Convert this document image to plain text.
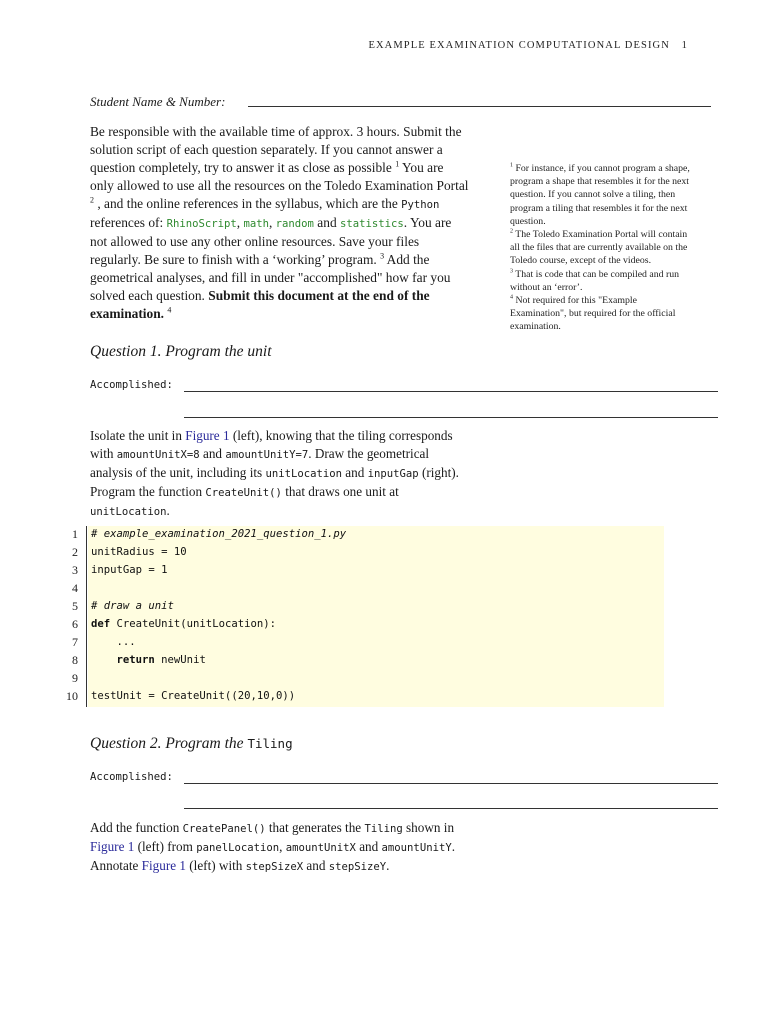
EXAMPLE EXAMINATION COMPUTATIONAL DESIGN 1
Student Name & Number:
Be responsible with the available time of approx. 3 hours. Submit the solution script of each question separately. If you cannot answer a question completely, try to answer it as close as possible $^1$ You are only allowed to use all the resources on the Toledo Examination Portal $^2$ , and the online references in the syllabus, which are the Python references of: RhinoScript, math, random and statistics. You are not allowed to use any other online resources. Save your files regularly. Be sure to finish with a ‘working’ program. $^3$ Add the geometrical analyses, and fill in under "accomplished" how far you solved each question. Submit this document at the end of the examination. $^4$

$^1$ For instance, if you cannot program a shape, program a shape that resembles it for the next question. If you cannot solve a tiling, then program a tiling that resembles it for the next question.

$^2$ The Toledo Examination Portal will contain all the files that are currently available on the Toledo course, except of the videos.

$^3$ That is code that can be compiled and run without an ‘error’.

$^4$ Not required for this "Example Examination", but required for the official examination.

Question 1. Program the unit
Accomplished:
Isolate the unit in Figure 1 (left), knowing that the tiling corresponds with amountUnitX=8 and amountUnitY=7. Draw the geometrical analysis of the unit, including its unitLocation and inputGap (right). Program the function CreateUnit() that draws one unit at unitLocation.
1
2
3
4
5
6
7
8
9
10
# example_examination_2021_question_1.py
unitRadius = 10
inputGap = 1
# draw a unit
def CreateUnit(unitLocation):
...
return newUnit
testUnit = CreateUnit((20,10,0))
Question 2. Program the Tiling
Accomplished:
Add the function CreatePanel() that generates the Tiling shown in Figure 1 (left) from panelLocation, amountUnitX and amountUnitY. Annotate Figure 1 (left) with stepSizeX and stepSizeY.
